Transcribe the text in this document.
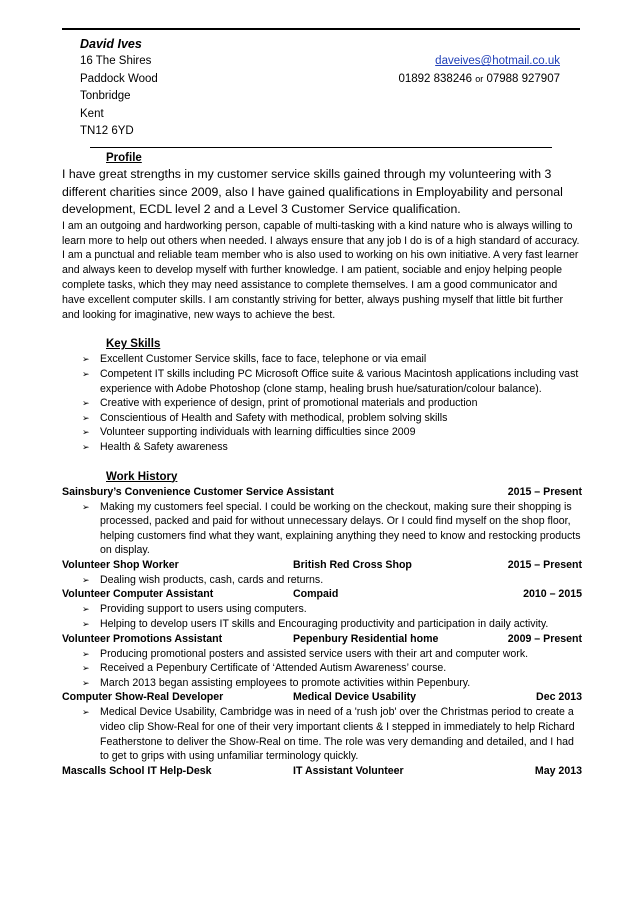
David Ives
16 The Shires	daveives@hotmail.co.uk
Paddock Wood	01892 838246 or 07988 927907
Tonbridge
Kent
TN12 6YD
Profile

I have great strengths in my customer service skills gained through my volunteering with 3 different charities since 2009, also I have gained qualifications in Employability and personal development, ECDL level 2 and a Level 3 Customer Service qualification.

I am an outgoing and hardworking person, capable of multi-tasking with a kind nature who is always willing to learn more to help out others when needed. I always ensure that any job I do is of a high standard of accuracy. I am a punctual and reliable team member who is also used to working on his own initiative. A very fast learner and always keen to develop myself with further knowledge. I am patient, sociable and enjoy helping people complete tasks, which they may need assistance to complete themselves. I am a good communicator and have excellent computer skills. I am constantly striving for better, always pushing myself that little bit further and looking for imaginative, new ways to achieve the best.

Key Skills
➢ Excellent Customer Service skills, face to face, telephone or via email
➢ Competent IT skills including PC Microsoft Office suite & various Macintosh applications including vast experience with Adobe Photoshop (clone stamp, healing brush hue/saturation/colour balance).
➢ Creative with experience of design, print of promotional materials and production
➢ Conscientious of Health and Safety with methodical, problem solving skills
➢ Volunteer supporting individuals with learning difficulties since 2009
➢ Health & Safety awareness
Work History
Sainsbury’s Convenience Customer Service Assistant	2015 – Present
➢ Making my customers feel special. I could be working on the checkout, making sure their shopping is processed, packed and paid for without unnecessary delays. Or I could find myself on the shop floor, helping customers find what they want, explaining anything they need to know and restocking products on display.
Volunteer Shop Worker	British Red Cross Shop	2015 – Present
➢ Dealing wish products, cash, cards and returns.
Volunteer Computer Assistant	Compaid	2010 – 2015
➢ Providing support to users using computers.
➢ Helping to develop users IT skills and Encouraging productivity and participation in daily activity.
Volunteer Promotions Assistant	Pepenbury Residential home	2009 – Present
➢ Producing promotional posters and assisted service users with their art and computer work.
➢ Received a Pepenbury Certificate of ‘Attended Autism Awareness’ course.
➢ March 2013 began assisting employees to promote activities within Pepenbury.
Computer Show-Real Developer	Medical Device Usability	Dec 2013
➢ Medical Device Usability, Cambridge was in need of a 'rush job' over the Christmas period to create a video clip Show-Real for one of their very important clients & I stepped in immediately to help Richard Featherstone to deliver the Show-Real on time. The role was very demanding and detailed, and I had to get to grips with using unfamiliar terminology quickly.
Mascalls School IT Help-Desk	IT Assistant Volunteer	May 2013
